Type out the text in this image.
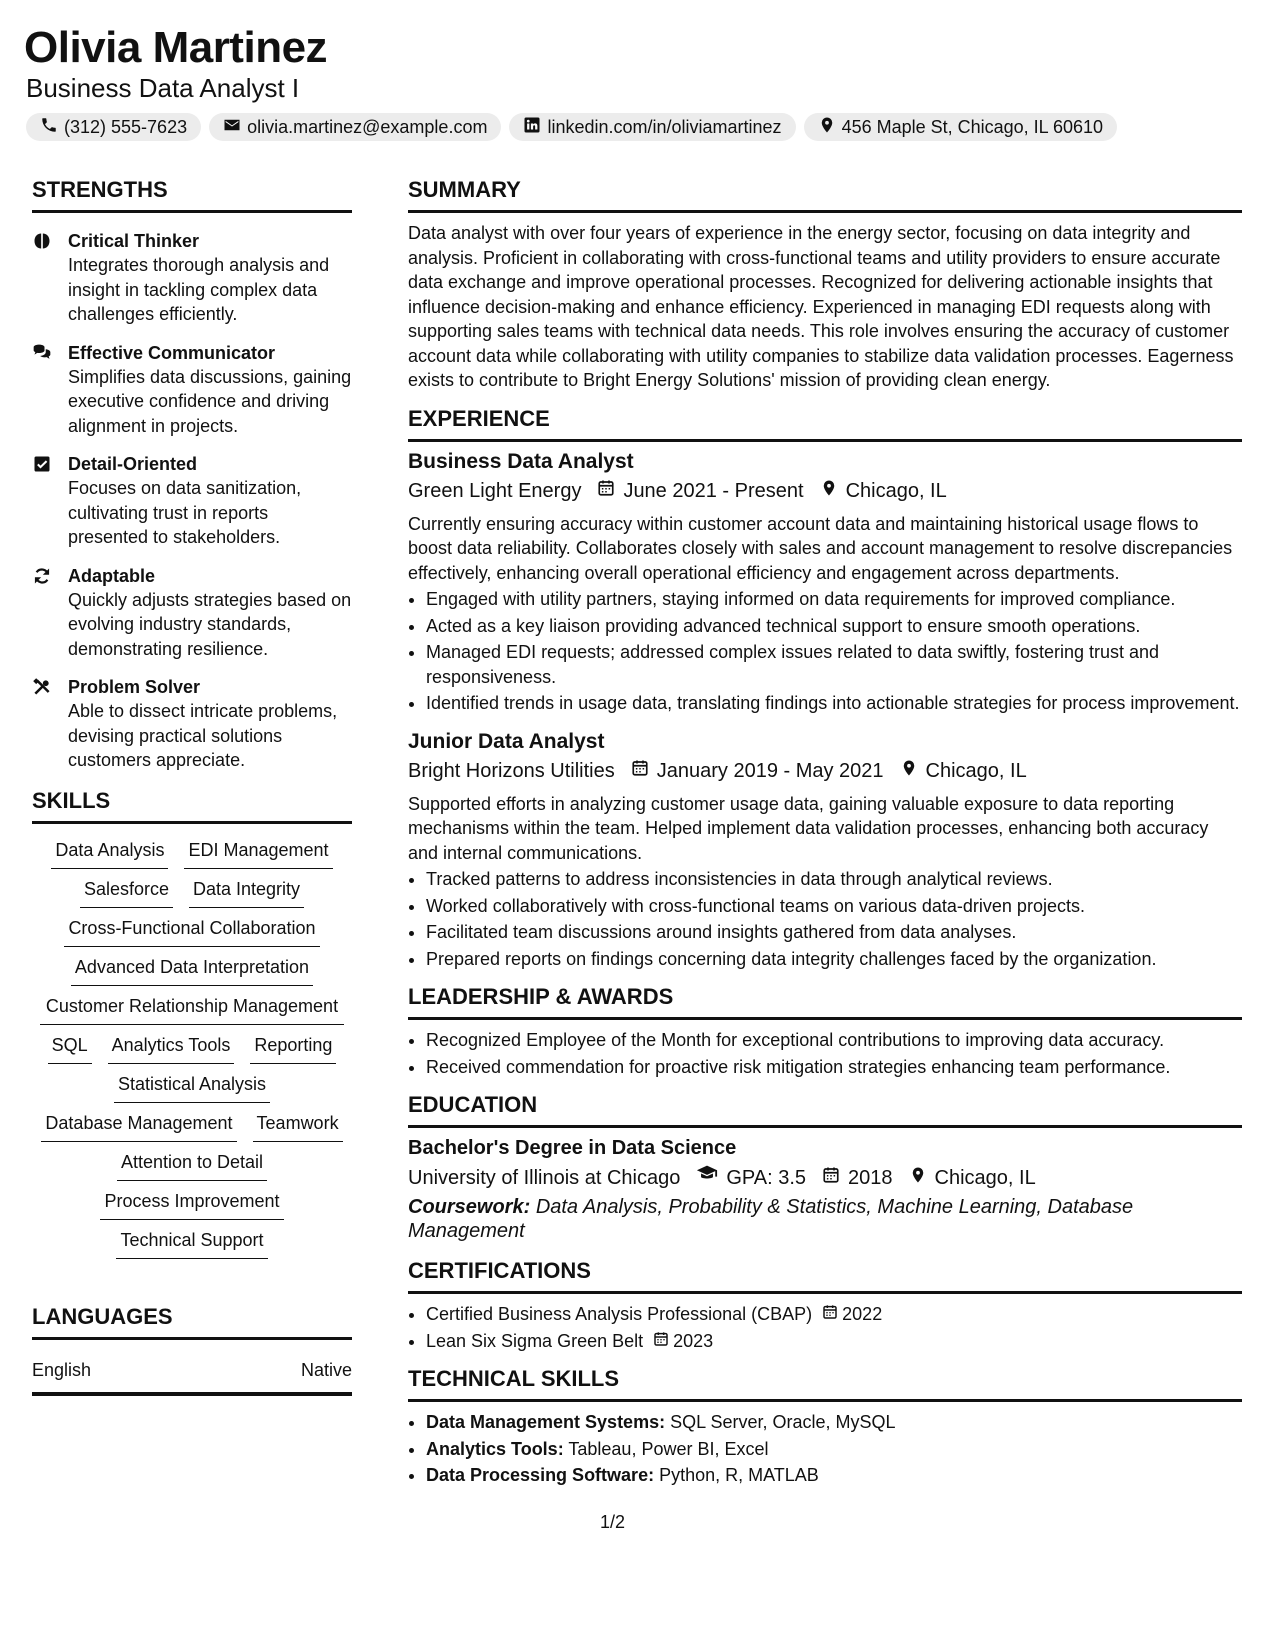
Olivia Martinez
Business Data Analyst I
(312) 555-7623	olivia.martinez@example.com	linkedin.com/in/oliviamartinez	456 Maple St, Chicago, IL 60610
STRENGTHS
Critical Thinker
Integrates thorough analysis and insight in tackling complex data challenges efficiently.
Effective Communicator
Simplifies data discussions, gaining executive confidence and driving alignment in projects.
Detail-Oriented
Focuses on data sanitization, cultivating trust in reports presented to stakeholders.
Adaptable
Quickly adjusts strategies based on evolving industry standards, demonstrating resilience.
Problem Solver
Able to dissect intricate problems, devising practical solutions customers appreciate.
SKILLS
Data Analysis EDI Management
Salesforce Data Integrity
Cross-Functional Collaboration
Advanced Data Interpretation
Customer Relationship Management
SQL Analytics Tools Reporting
Statistical Analysis
Database Management Teamwork
Attention to Detail
Process Improvement
Technical Support
LANGUAGES
English	Native
SUMMARY

Data analyst with over four years of experience in the energy sector, focusing on data integrity and analysis. Proficient in collaborating with cross-functional teams and utility providers to ensure accurate data exchange and improve operational processes. Recognized for delivering actionable insights that influence decision-making and enhance efficiency. Experienced in managing EDI requests along with supporting sales teams with technical data needs. This role involves ensuring the accuracy of customer account data while collaborating with utility companies to stabilize data validation processes. Eagerness exists to contribute to Bright Energy Solutions' mission of providing clean energy.

EXPERIENCE
Business Data Analyst
Green Light Energy June 2021 - Present Chicago, IL

Currently ensuring accuracy within customer account data and maintaining historical usage flows to boost data reliability. Collaborates closely with sales and account management to resolve discrepancies effectively, enhancing overall operational efficiency and engagement across departments.

• Engaged with utility partners, staying informed on data requirements for improved compliance.
• Acted as a key liaison providing advanced technical support to ensure smooth operations.
• Managed EDI requests; addressed complex issues related to data swiftly, fostering trust and responsiveness.
• Identified trends in usage data, translating findings into actionable strategies for process improvement.
Junior Data Analyst
Bright Horizons Utilities January 2019 - May 2021 Chicago, IL

Supported efforts in analyzing customer usage data, gaining valuable exposure to data reporting mechanisms within the team. Helped implement data validation processes, enhancing both accuracy and internal communications.

• Tracked patterns to address inconsistencies in data through analytical reviews.
• Worked collaboratively with cross-functional teams on various data-driven projects.
• Facilitated team discussions around insights gathered from data analyses.
• Prepared reports on findings concerning data integrity challenges faced by the organization.
LEADERSHIP & AWARDS
• Recognized Employee of the Month for exceptional contributions to improving data accuracy.
• Received commendation for proactive risk mitigation strategies enhancing team performance.
EDUCATION
Bachelor's Degree in Data Science
University of Illinois at Chicago GPA: 3.5 2018 Chicago, IL
Coursework: Data Analysis, Probability & Statistics, Machine Learning, Database Management
CERTIFICATIONS
• Certified Business Analysis Professional (CBAP) 2022
• Lean Six Sigma Green Belt 2023
TECHNICAL SKILLS
• Data Management Systems: SQL Server, Oracle, MySQL
• Analytics Tools: Tableau, Power BI, Excel
• Data Processing Software: Python, R, MATLAB
1/2
